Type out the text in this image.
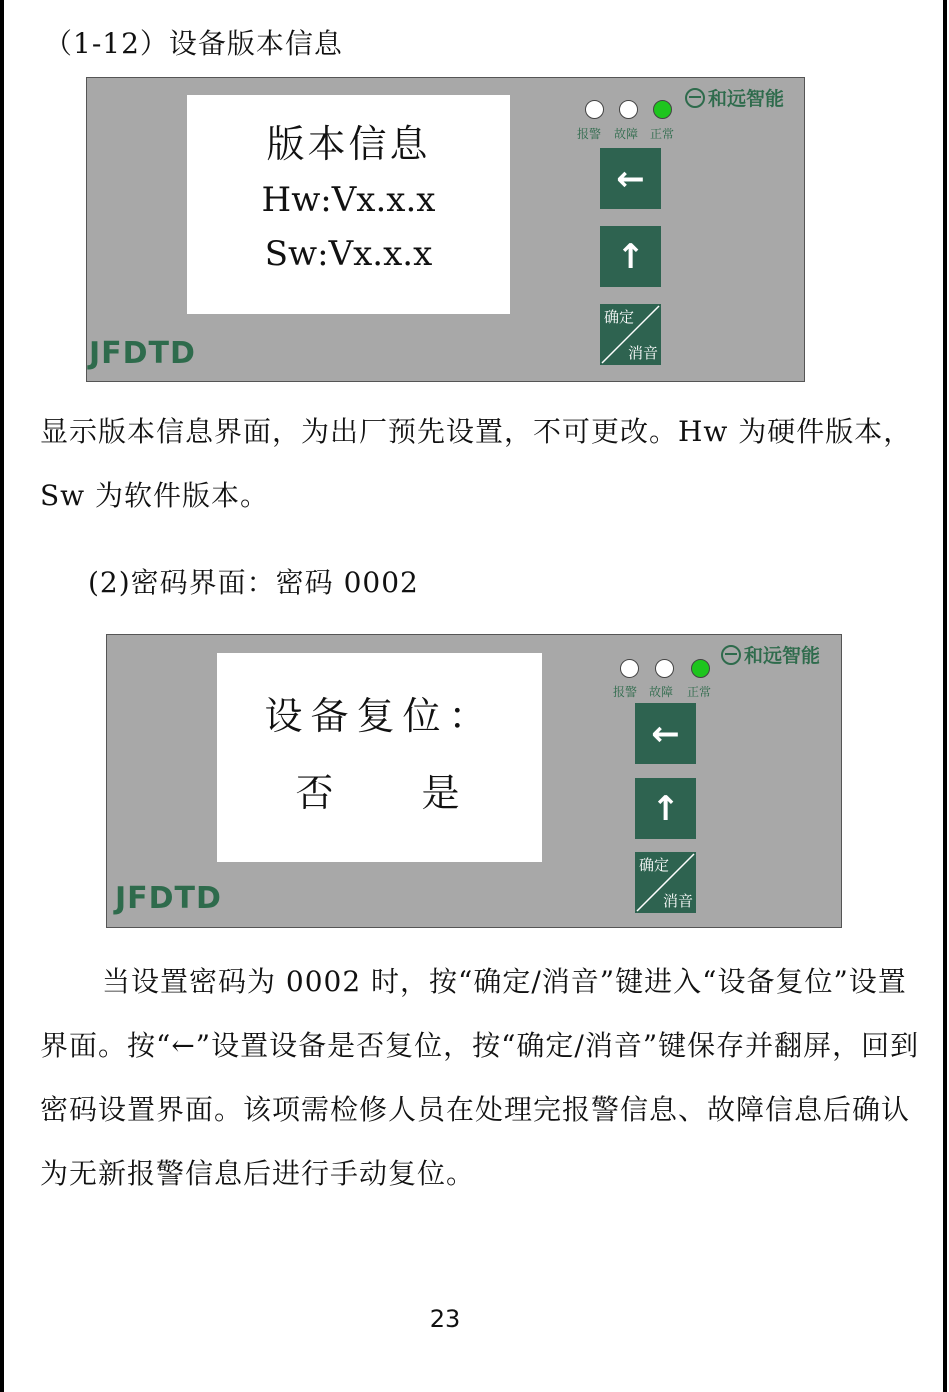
（1-12）设备版本信息
版本信息
Hw:Vx.x.x
Sw:Vx.x.x
JFDTD
和远智能
报警 故障 正常
←
↑
确定
消音
显示版本信息界面，为出厂预先设置，不可更改。Hw 为硬件版本，Sw 为软件版本。
(2)密码界面：密码 0002
设备复位：
否　　是
JFDTD
和远智能
报警 故障 正常
←
↑
确定
消音
当设置密码为 0002 时，按“确定/消音”键进入“设备复位”设置界面。按“←”设置设备是否复位，按“确定/消音”键保存并翻屏，回到密码设置界面。该项需检修人员在处理完报警信息、故障信息后确认为无新报警信息后进行手动复位。
23
